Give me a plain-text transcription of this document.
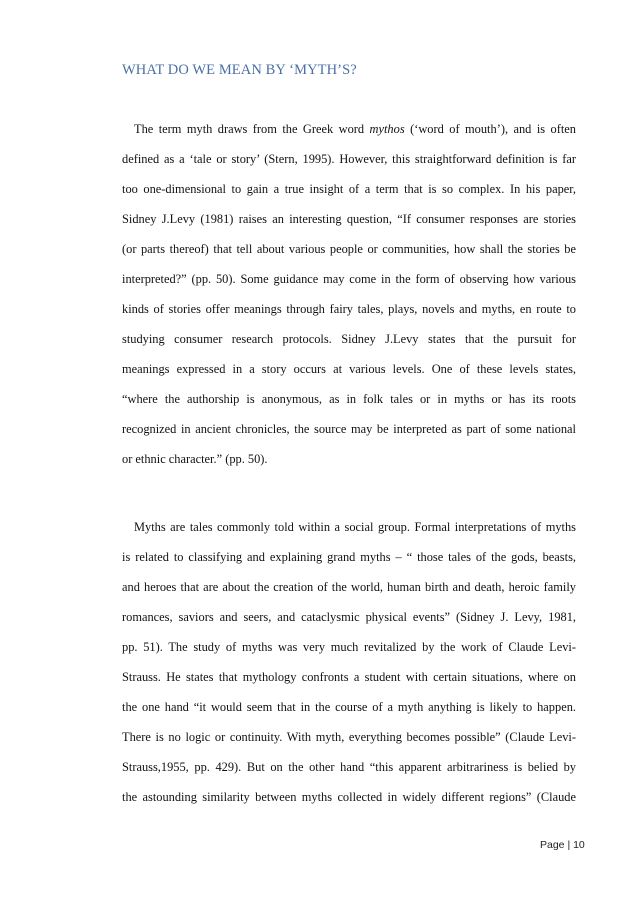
WHAT DO WE MEAN BY ‘MYTH’S?
The term myth draws from the Greek word mythos (‘word of mouth’), and is often
defined as a ‘tale or story’ (Stern, 1995). However, this straightforward definition is far
too one-dimensional to gain a true insight of a term that is so complex. In his paper,
Sidney J.Levy (1981) raises an interesting question, “If consumer responses are stories
(or parts thereof) that tell about various people or communities, how shall the stories be
interpreted?” (pp. 50). Some guidance may come in the form of observing how various
kinds of stories offer meanings through fairy tales, plays, novels and myths, en route to
studying consumer research protocols. Sidney J.Levy states that the pursuit for
meanings expressed in a story occurs at various levels. One of these levels states,
“where the authorship is anonymous, as in folk tales or in myths or has its roots
recognized in ancient chronicles, the source may be interpreted as part of some national
or ethnic character.” (pp. 50).
Myths are tales commonly told within a social group. Formal interpretations of myths
is related to classifying and explaining grand myths – “ those tales of the gods, beasts,
and heroes that are about the creation of the world, human birth and death, heroic family
romances, saviors and seers, and cataclysmic physical events” (Sidney J. Levy, 1981,
pp. 51). The study of myths was very much revitalized by the work of Claude Levi-
Strauss. He states that mythology confronts a student with certain situations, where on
the one hand “it would seem that in the course of a myth anything is likely to happen.
There is no logic or continuity. With myth, everything becomes possible” (Claude Levi-
Strauss,1955, pp. 429). But on the other hand “this apparent arbitrariness is belied by
the astounding similarity between myths collected in widely different regions” (Claude
Page | 10
